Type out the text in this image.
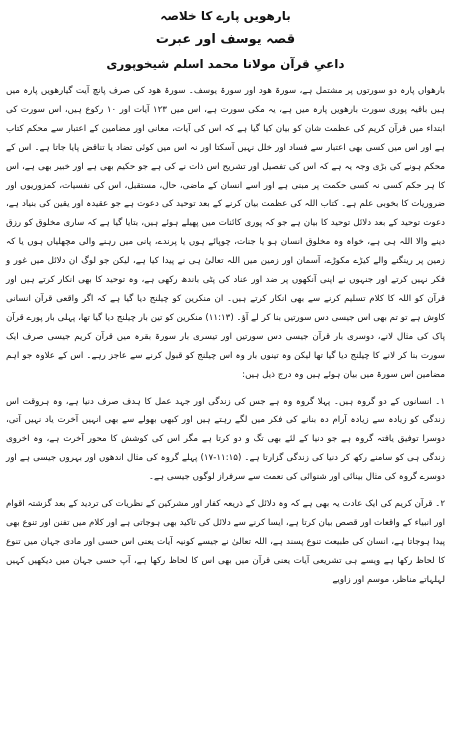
بارھویں پارے کا خلاصہ
قصہ یوسف اور عبرت
داعیِ قرآن مولانا محمد اسلم شیخوپوری

بارھواں پارہ دو سورتوں پر مشتمل ہے، سورۃ ھود اور سورۃ یوسف۔ سورۃ ھود کی صرف پانچ آیت گیارھویں پارہ میں ہیں باقیہ پوری سورت بارھویں پارہ میں ہے، یہ مکی سورت ہے، اس میں ۱۲۳ آیات اور ۱۰ رکوع ہیں، اس سورت کی ابتداء میں قرآن کریم کی عظمت شان کو بیان کیا گیا ہے کہ اس کی آیات، معانی اور مضامین کے اعتبار سے محکم کتاب ہے اور اس میں کسی بھی اعتبار سے فساد اور خلل نہیں آسکتا اور نہ اس میں کوئی تضاد یا تناقض پایا جاتا ہے۔ اس کے محکم ہونے کی بڑی وجہ یہ ہے کہ اس کی تفصیل اور تشریح اس ذات نے کی ہے جو حکیم بھی ہے اور خبیر بھی ہے، اس کا ہر حکم کسی نہ کسی حکمت پر مبنی ہے اور اسے انسان کے ماضی، حال، مستقبل، اس کی نفسیات، کمزوریوں اور ضروریات کا بخوبی علم ہے۔ کتاب اللہ کی عظمت بیان کرنے کے بعد توحید کی دعوت ہے جو عقیدہ اور یقین کی بنیاد ہے، دعوت توحید کے بعد دلائل توحید کا بیان ہے جو کہ پوری کائنات میں پھیلے ہوئے ہیں، بتایا گیا ہے کہ ساری مخلوق کو رزق دینے والا اللہ ہی ہے، خواہ وہ مخلوق انسان ہو یا جنات، چوپائے ہوں یا پرندے، پانی میں رہنے والی مچھلیاں ہوں یا کہ زمین پر رینگنے والے کیڑے مکوڑے، آسمان اور زمین میں اللہ تعالیٰ ہی نے پیدا کیا ہے، لیکن جو لوگ ان دلائل میں غور و فکر نہیں کرتے اور جنہوں نے اپنی آنکھوں پر ضد اور عناد کی پٹی باندھ رکھی ہے، وہ توحید کا بھی انکار کرتے ہیں اور قرآن کو اللہ کا کلام تسلیم کرنے سے بھی انکار کرتے ہیں۔ ان منکرین کو چیلنج دیا گیا ہے کہ اگر واقعی قرآن انسانی کاوش ہے تو تم بھی اس جیسی دس سورتیں بنا کر لے آؤ۔ (۱۱:۱۳) منکرین کو تین بار چیلنج دیا گیا تھا، پہلی بار پورے قرآن پاک کی مثال لانے، دوسری بار قرآن جیسی دس سورتیں اور تیسری بار سورۃ بقرہ میں قرآن کریم جیسی صرف ایک سورت بنا کر لانے کا چیلنج دیا گیا تھا لیکن وہ تینوں بار وہ اس چیلنج کو قبول کرنے سے عاجز رہے۔ اس کے علاوہ جو اہم مضامین اس سورۃ میں بیان ہوئے ہیں وہ درج ذیل ہیں:

۱۔ انسانوں کے دو گروہ ہیں۔ پہلا گروہ وہ ہے جس کی زندگی اور جہد عمل کا ہدف صرف دنیا ہے، وہ ہروقت اس زندگی کو زیادہ سے زیادہ آرام دہ بنانے کی فکر میں لگے رہتے ہیں اور کبھی بھولے سے بھی انہیں آخرت یاد نہیں آتی، دوسرا توفیق یافتہ گروہ ہے جو دنیا کے لئے بھی تگ و دو کرتا ہے مگر اس کی کوشش کا محور آخرت ہے، وہ اخروی زندگی ہی کو سامنے رکھ کر دنیا کی زندگی گزارتا ہے۔ (۱۱:۱۵-۱۷) پہلے گروہ کی مثال اندھوں اور بہروں جیسی ہے اور دوسرے گروہ کی مثال بینائی اور شنوائی کی نعمت سے سرفراز لوگوں جیسی ہے۔

۲۔ قرآن کریم کی ایک عادت یہ بھی ہے کہ وہ دلائل کے ذریعہ کفار اور مشرکین کے نظریات کی تردید کے بعد گزشتہ اقوام اور انبیاء کے واقعات اور قصص بیان کرتا ہے، ایسا کرنے سے دلائل کی تاکید بھی ہوجاتی ہے اور کلام میں تفنن اور تنوع بھی پیدا ہوجاتا ہے، انسان کی طبیعت تنوع پسند ہے، اللہ تعالیٰ نے جیسے کونیہ آیات یعنی اس حسی اور مادی جہان میں تنوع کا لحاظ رکھا ہے ویسے ہی تشریعی آیات یعنی قرآن میں بھی اس کا لحاظ رکھا ہے، آپ حسی جہان میں دیکھیں کہیں لہلہاتے مناظر، موسم اور زاویے
